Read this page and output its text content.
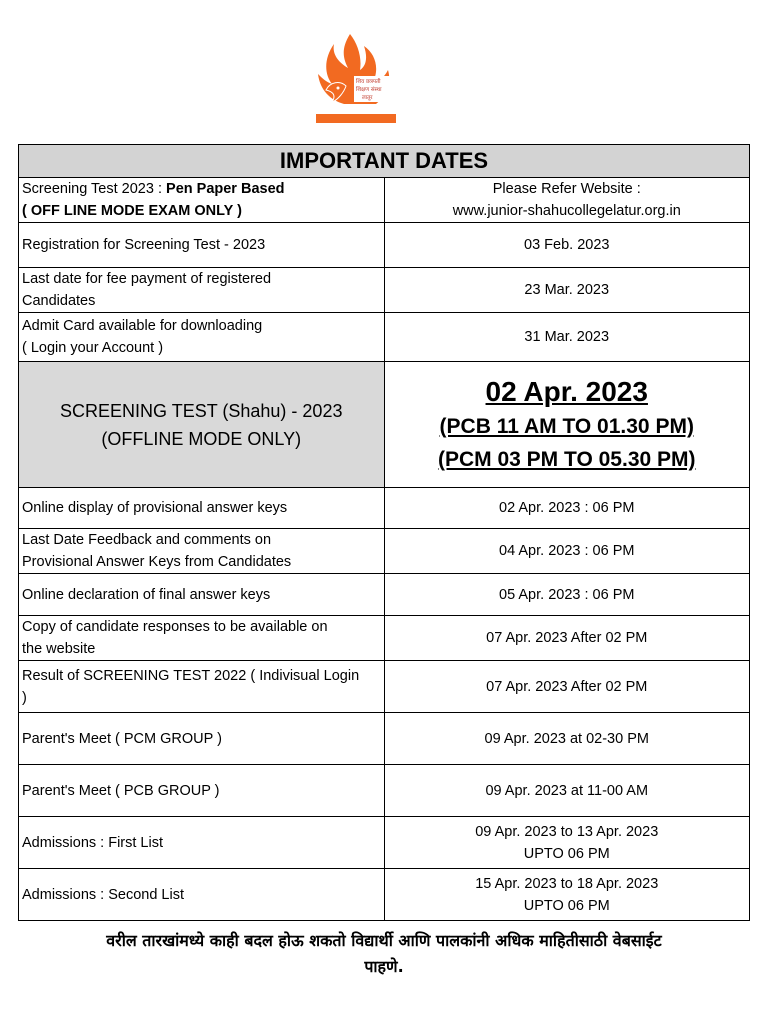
शिव छत्रपती
शिक्षण संस्था
लातूर
IMPORTANT DATES	
Screening Test 2023 : Pen Paper Based
( OFF LINE MODE EXAM ONLY )	Please Refer Website :
www.junior-shahucollegelatur.org.in
Registration for Screening Test - 2023	03 Feb. 2023
Last date for fee payment of registered
Candidates	23 Mar. 2023
Admit Card available for downloading
( Login your Account )	31 Mar. 2023
SCREENING TEST (Shahu) - 2023
(OFFLINE MODE ONLY)	02 Apr. 2023
(PCB 11 AM TO 01.30 PM)
(PCM 03 PM TO 05.30 PM)

Online display of provisional answer keys	02 Apr. 2023 : 06 PM
Last Date Feedback and comments on
Provisional Answer Keys from Candidates	04 Apr. 2023 : 06 PM
Online declaration of final answer keys	05 Apr. 2023 : 06 PM
Copy of candidate responses to be available on
the website	07 Apr. 2023 After 02 PM
Result of SCREENING TEST 2022 ( Indivisual Login
)	07 Apr. 2023 After 02 PM
Parent's Meet ( PCM GROUP )	09 Apr. 2023 at 02-30 PM
Parent's Meet ( PCB GROUP )	09 Apr. 2023 at 11-00 AM
Admissions : First List	09 Apr. 2023 to 13 Apr. 2023
UPTO 06 PM
Admissions : Second List	15 Apr. 2023 to 18 Apr. 2023
UPTO 06 PM
वरील तारखांमध्ये काही बदल होऊ शकतो विद्यार्थी आणि पालकांनी अधिक माहितीसाठी वेबसाईट
पाहणे.
